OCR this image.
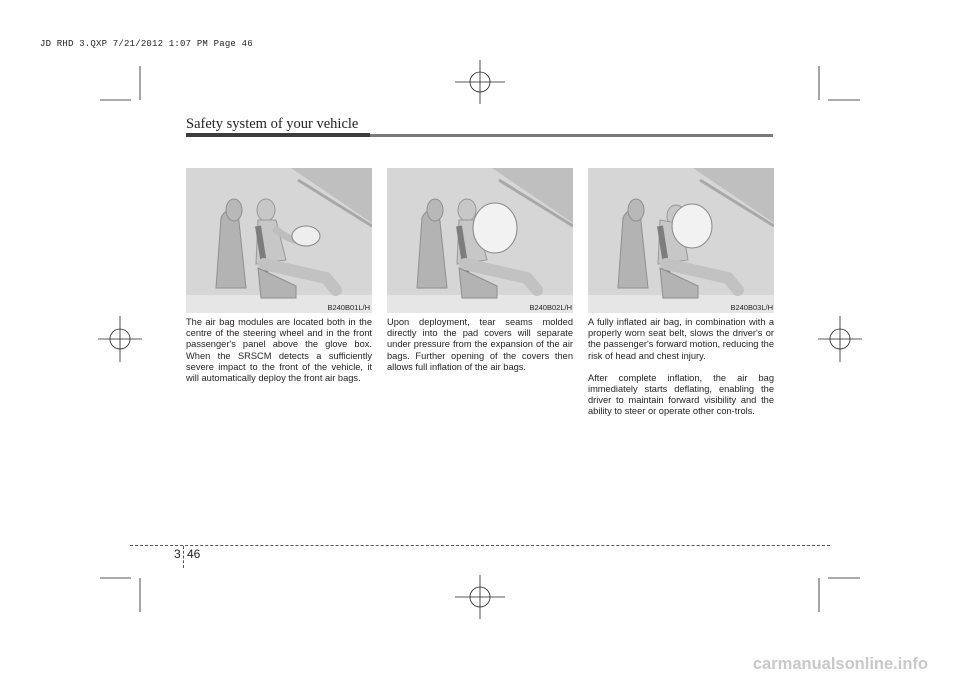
JD RHD 3.QXP 7/21/2012 1:07 PM Page 46
Safety system of your vehicle
B240B01L/H

The air bag modules are located both in the centre of the steering wheel and in the front passenger's panel above the glove box. When the SRSCM detects a sufficiently severe impact to the front of the vehicle, it will automatically deploy the front air bags.

B240B02L/H

Upon deployment, tear seams molded directly into the pad covers will separate under pressure from the expansion of the air bags. Further opening of the covers then allows full inflation of the air bags.

B240B03L/H

A fully inflated air bag, in combination with a properly worn seat belt, slows the driver's or the passenger's forward motion, reducing the risk of head and chest injury.

After complete inflation, the air bag immediately starts deflating, enabling the driver to maintain forward visibility and the ability to steer or operate other con-trols.

3 46
carmanualsonline.info
